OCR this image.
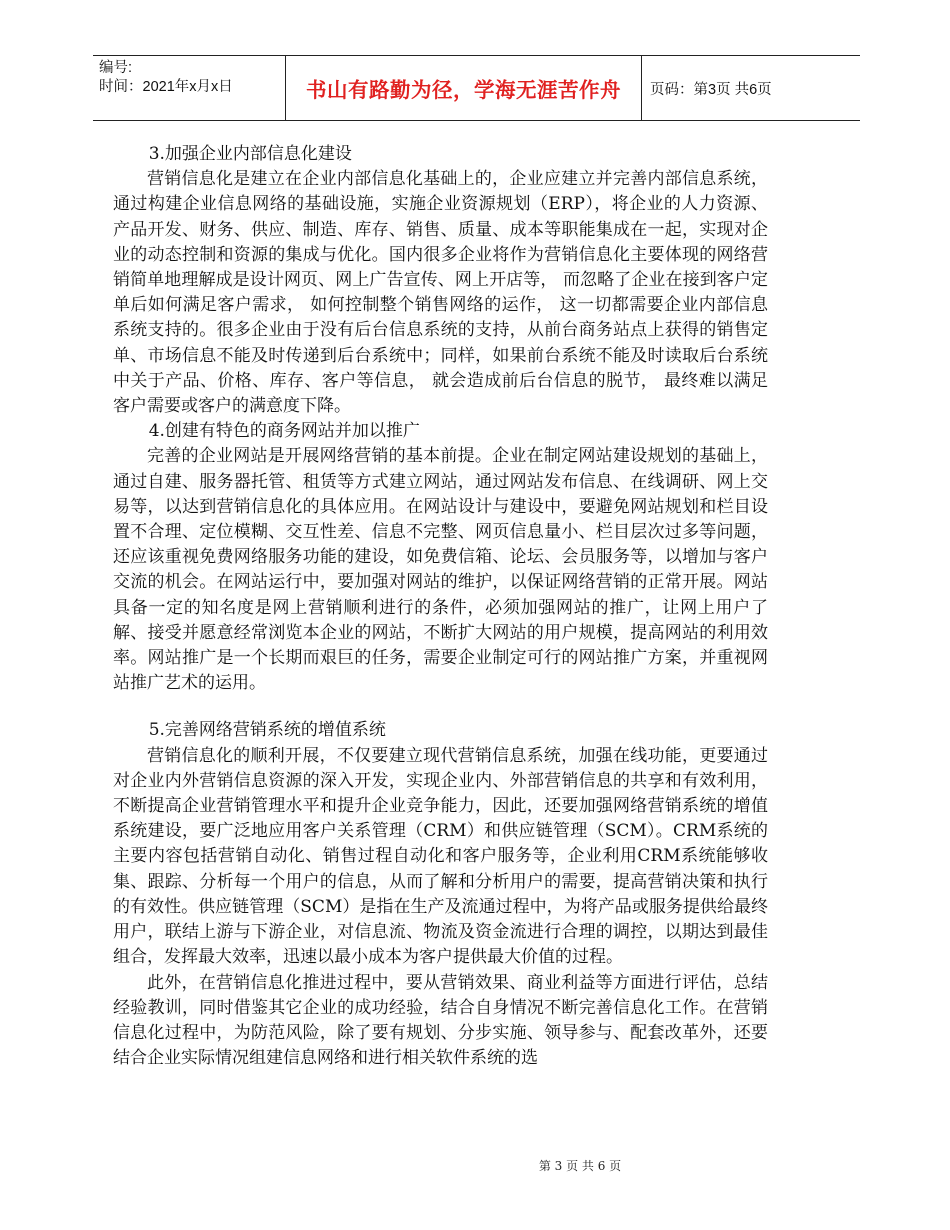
编号:
时间：2021年x月x日	书山有路勤为径，学海无涯苦作舟	页码：第3页 共6页

3.加强企业内部信息化建设

营销信息化是建立在企业内部信息化基础上的，企业应建立并完善内部信息系统，通过构建企业信息网络的基础设施，实施企业资源规划（ERP），将企业的人力资源、产品开发、财务、供应、制造、库存、销售、质量、成本等职能集成在一起，实现对企业的动态控制和资源的集成与优化。国内很多企业将作为营销信息化主要体现的网络营销简单地理解成是设计网页、网上广告宣传、网上开店等， 而忽略了企业在接到客户定单后如何满足客户需求， 如何控制整个销售网络的运作， 这一切都需要企业内部信息系统支持的。很多企业由于没有后台信息系统的支持，从前台商务站点上获得的销售定单、市场信息不能及时传递到后台系统中；同样，如果前台系统不能及时读取后台系统中关于产品、价格、库存、客户等信息， 就会造成前后台信息的脱节， 最终难以满足客户需要或客户的满意度下降。

4.创建有特色的商务网站并加以推广

完善的企业网站是开展网络营销的基本前提。企业在制定网站建设规划的基础上，通过自建、服务器托管、租赁等方式建立网站，通过网站发布信息、在线调研、网上交易等，以达到营销信息化的具体应用。在网站设计与建设中，要避免网站规划和栏目设置不合理、定位模糊、交互性差、信息不完整、网页信息量小、栏目层次过多等问题，还应该重视免费网络服务功能的建设，如免费信箱、论坛、会员服务等，以增加与客户交流的机会。在网站运行中，要加强对网站的维护，以保证网络营销的正常开展。网站具备一定的知名度是网上营销顺利进行的条件，必须加强网站的推广，让网上用户了解、接受并愿意经常浏览本企业的网站，不断扩大网站的用户规模，提高网站的利用效率。网站推广是一个长期而艰巨的任务，需要企业制定可行的网站推广方案，并重视网站推广艺术的运用。

5.完善网络营销系统的增值系统

营销信息化的顺利开展，不仅要建立现代营销信息系统，加强在线功能，更要通过对企业内外营销信息资源的深入开发，实现企业内、外部营销信息的共享和有效利用，不断提高企业营销管理水平和提升企业竞争能力，因此，还要加强网络营销系统的增值系统建设，要广泛地应用客户关系管理（CRM）和供应链管理（SCM）。CRM系统的主要内容包括营销自动化、销售过程自动化和客户服务等，企业利用CRM系统能够收集、跟踪、分析每一个用户的信息，从而了解和分析用户的需要，提高营销决策和执行的有效性。供应链管理（SCM）是指在生产及流通过程中，为将产品或服务提供给最终用户，联结上游与下游企业，对信息流、物流及资金流进行合理的调控，以期达到最佳组合，发挥最大效率，迅速以最小成本为客户提供最大价值的过程。

此外，在营销信息化推进过程中，要从营销效果、商业利益等方面进行评估，总结经验教训，同时借鉴其它企业的成功经验，结合自身情况不断完善信息化工作。在营销信息化过程中，为防范风险，除了要有规划、分步实施、领导参与、配套改革外，还要结合企业实际情况组建信息网络和进行相关软件系统的选

第 3 页 共 6 页
